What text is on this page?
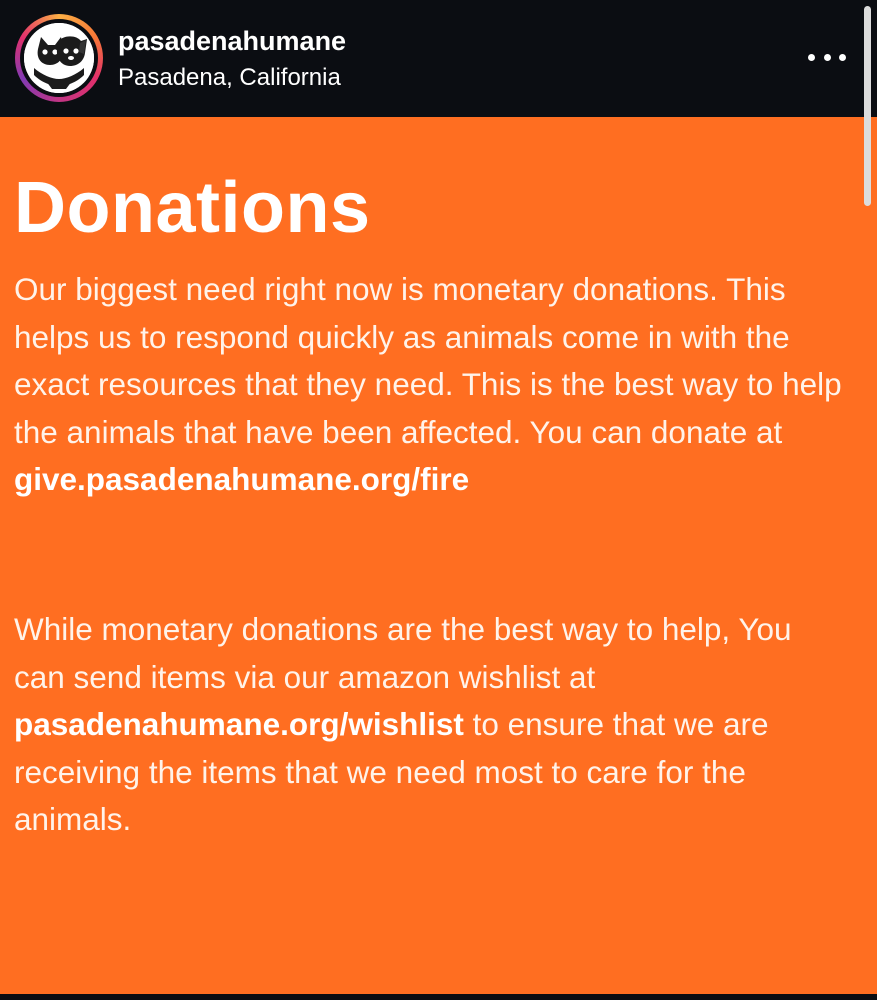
pasadenahumane
Pasadena, California
Donations

Our biggest need right now is monetary donations. This helps us to respond quickly as animals come in with the exact resources that they need. This is the best way to help the animals that have been affected. You can donate at give.pasadenahumane.org/fire

While monetary donations are the best way to help, You can send items via our amazon wishlist at pasadenahumane.org/wishlist to ensure that we are receiving the items that we need most to care for the animals.
